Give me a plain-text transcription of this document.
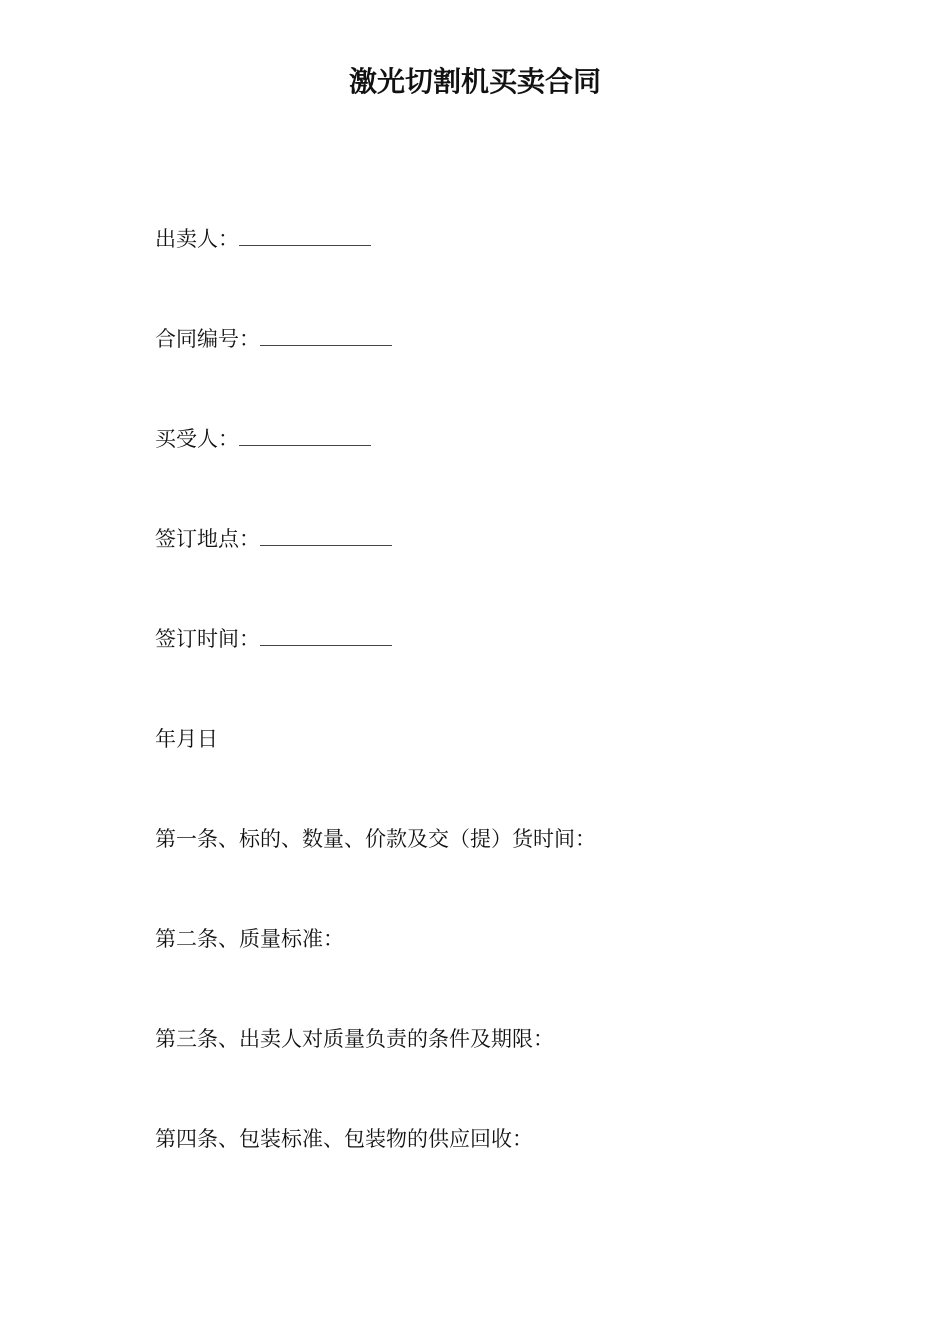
激光切割机买卖合同
出卖人：
合同编号：
买受人：
签订地点：
签订时间：
年月日
第一条、标的、数量、价款及交（提）货时间：
第二条、质量标准：
第三条、出卖人对质量负责的条件及期限：
第四条、包装标准、包装物的供应回收：
